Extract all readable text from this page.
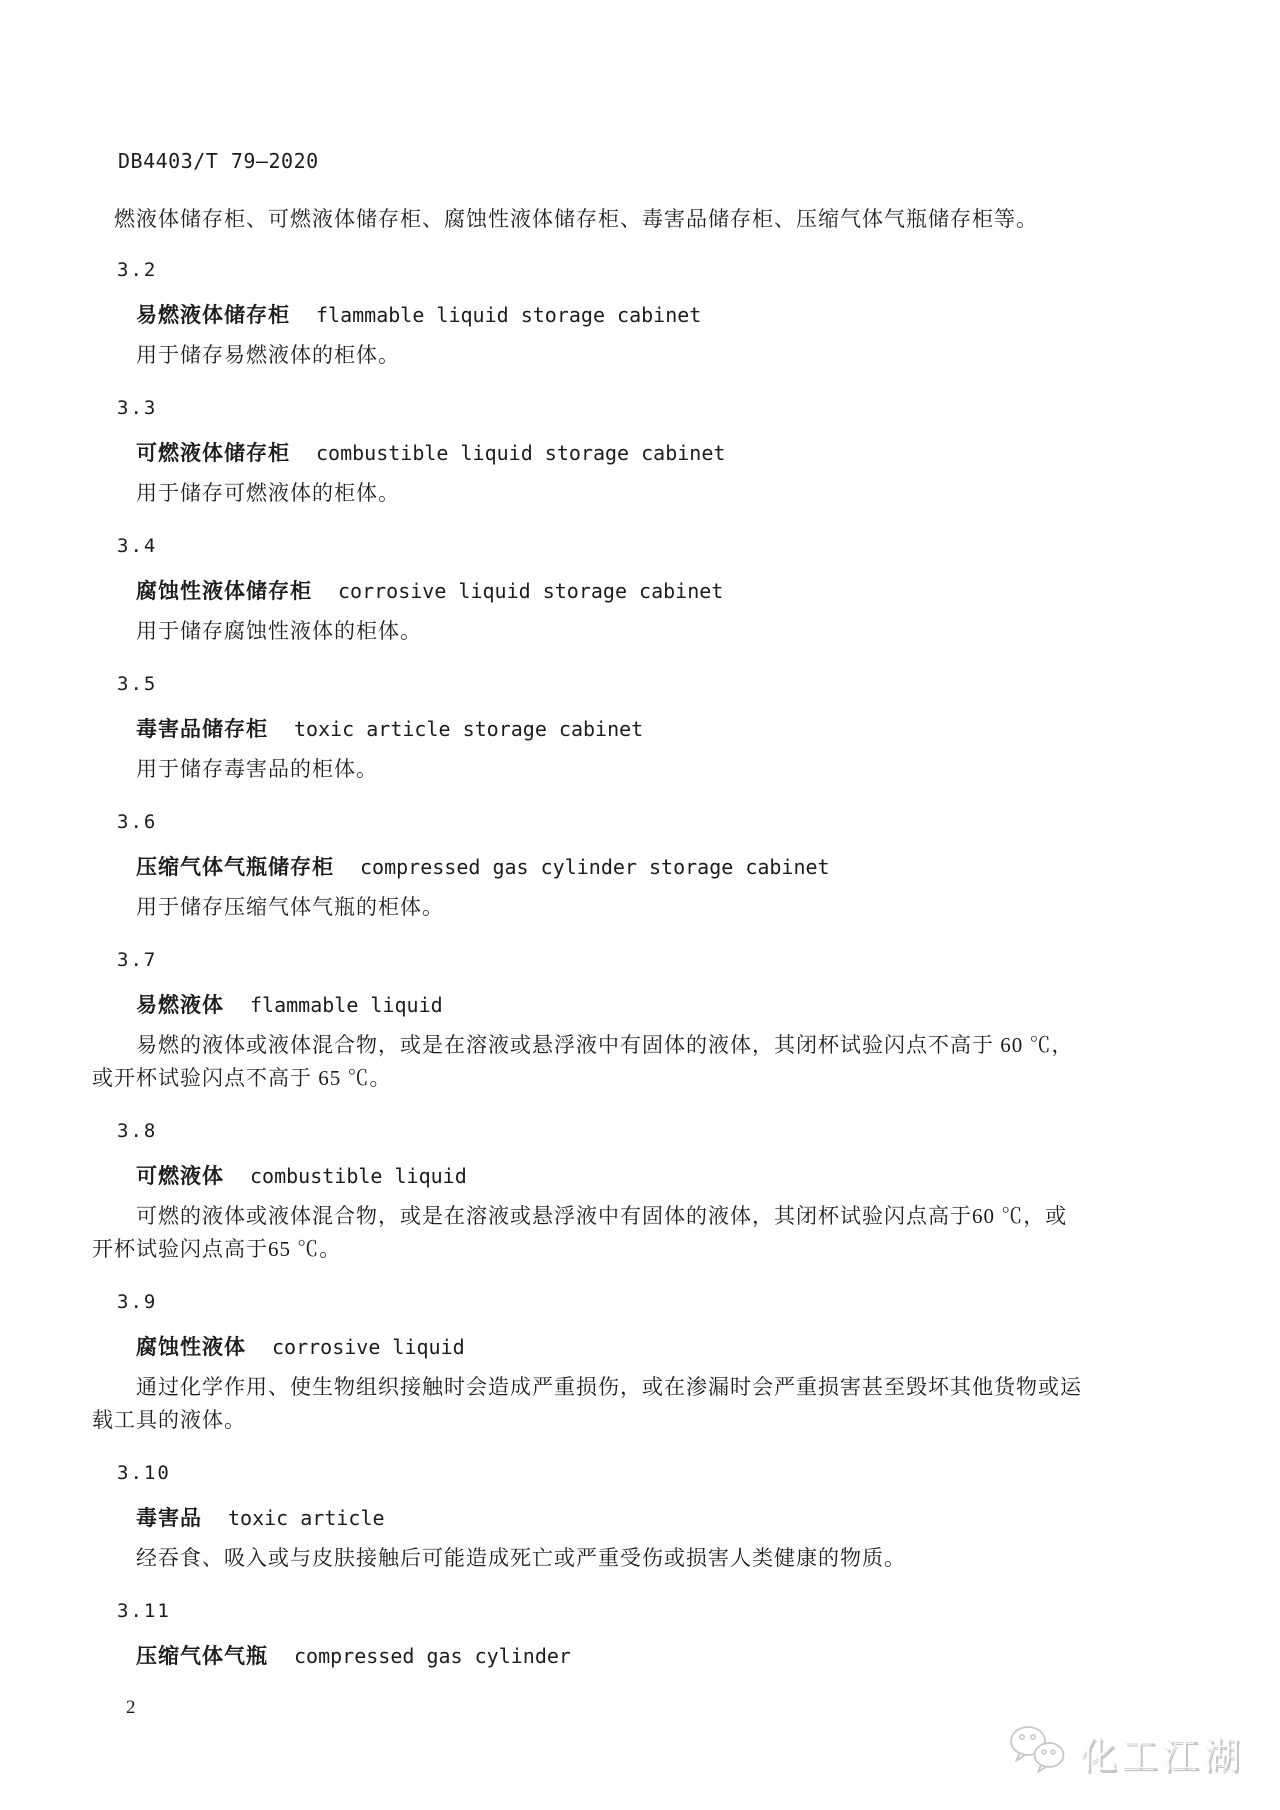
DB4403/T 79—2020
燃液体储存柜、可燃液体储存柜、腐蚀性液体储存柜、毒害品储存柜、压缩气体气瓶储存柜等。
3.2
易燃液体储存柜 flammable liquid storage cabinet
用于储存易燃液体的柜体。
3.3
可燃液体储存柜 combustible liquid storage cabinet
用于储存可燃液体的柜体。
3.4
腐蚀性液体储存柜 corrosive liquid storage cabinet
用于储存腐蚀性液体的柜体。
3.5
毒害品储存柜 toxic article storage cabinet
用于储存毒害品的柜体。
3.6
压缩气体气瓶储存柜 compressed gas cylinder storage cabinet
用于储存压缩气体气瓶的柜体。
3.7
易燃液体 flammable liquid
易燃的液体或液体混合物，或是在溶液或悬浮液中有固体的液体，其闭杯试验闪点不高于 60 ℃，
或开杯试验闪点不高于 65 ℃。
3.8
可燃液体 combustible liquid
可燃的液体或液体混合物，或是在溶液或悬浮液中有固体的液体，其闭杯试验闪点高于60 ℃，或
开杯试验闪点高于65 ℃。
3.9
腐蚀性液体 corrosive liquid
通过化学作用、使生物组织接触时会造成严重损伤，或在渗漏时会严重损害甚至毁坏其他货物或运
载工具的液体。
3.10
毒害品 toxic article
经吞食、吸入或与皮肤接触后可能造成死亡或严重受伤或损害人类健康的物质。
3.11
压缩气体气瓶 compressed gas cylinder
2
化工江湖
